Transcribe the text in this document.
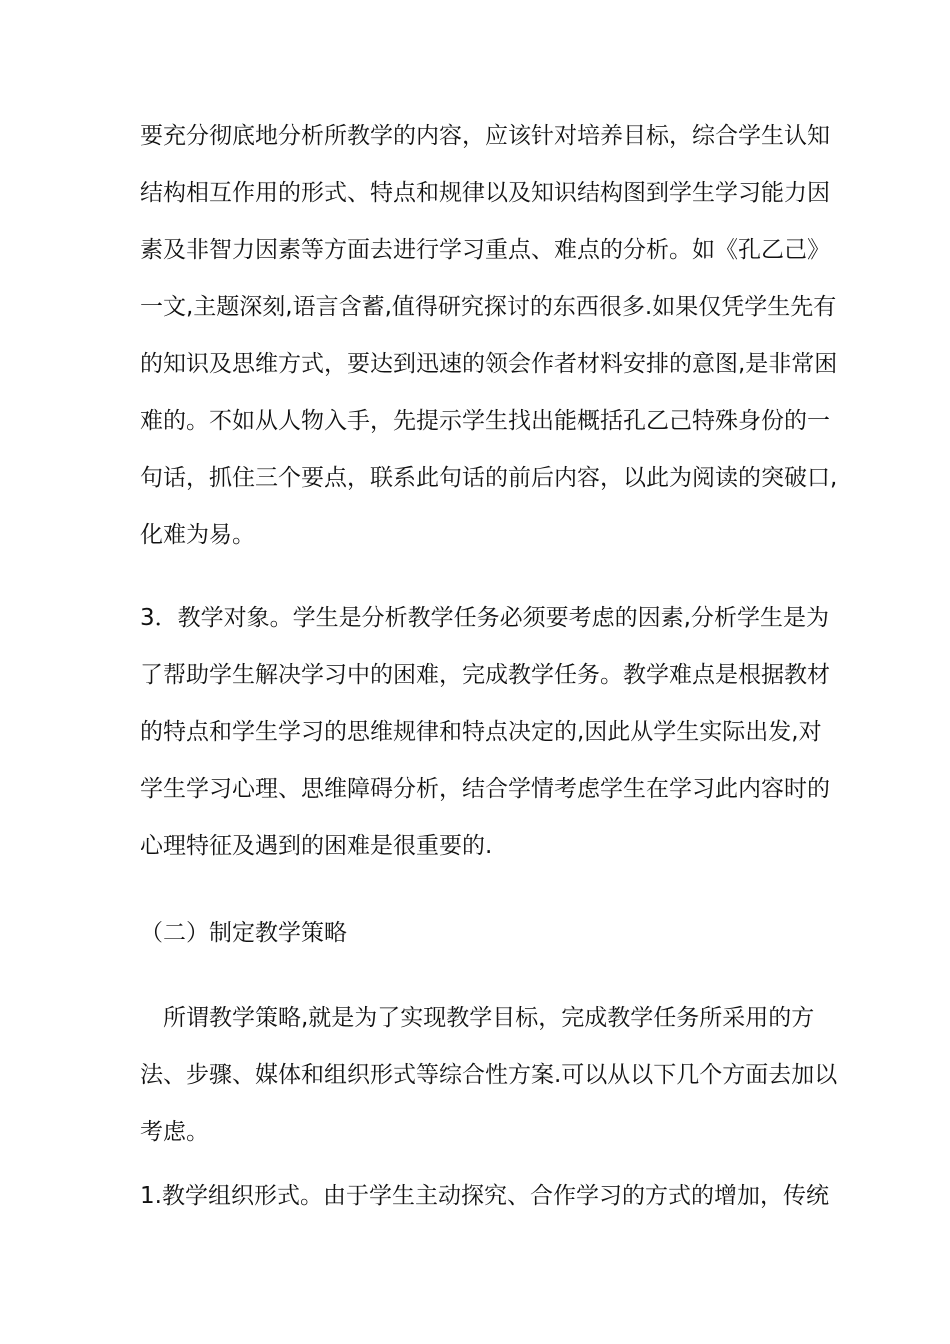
要充分彻底地分析所教学的内容，应该针对培养目标，综合学生认知
结构相互作用的形式、特点和规律以及知识结构图到学生学习能力因
素及非智力因素等方面去进行学习重点、难点的分析。如《孔乙己》
一文,主题深刻,语言含蓄,值得研究探讨的东西很多.如果仅凭学生先有
的知识及思维方式，要达到迅速的领会作者材料安排的意图,是非常困
难的。不如从人物入手，先提示学生找出能概括孔乙己特殊身份的一
句话，抓住三个要点，联系此句话的前后内容，以此为阅读的突破口,
化难为易。
3．教学对象。学生是分析教学任务必须要考虑的因素,分析学生是为
了帮助学生解决学习中的困难，完成教学任务。教学难点是根据教材
的特点和学生学习的思维规律和特点决定的,因此从学生实际出发,对
学生学习心理、思维障碍分析，结合学情考虑学生在学习此内容时的
心理特征及遇到的困难是很重要的.
（二）制定教学策略
　所谓教学策略,就是为了实现教学目标，完成教学任务所采用的方
法、步骤、媒体和组织形式等综合性方案.可以从以下几个方面去加以
考虑。
1.教学组织形式。由于学生主动探究、合作学习的方式的增加，传统
